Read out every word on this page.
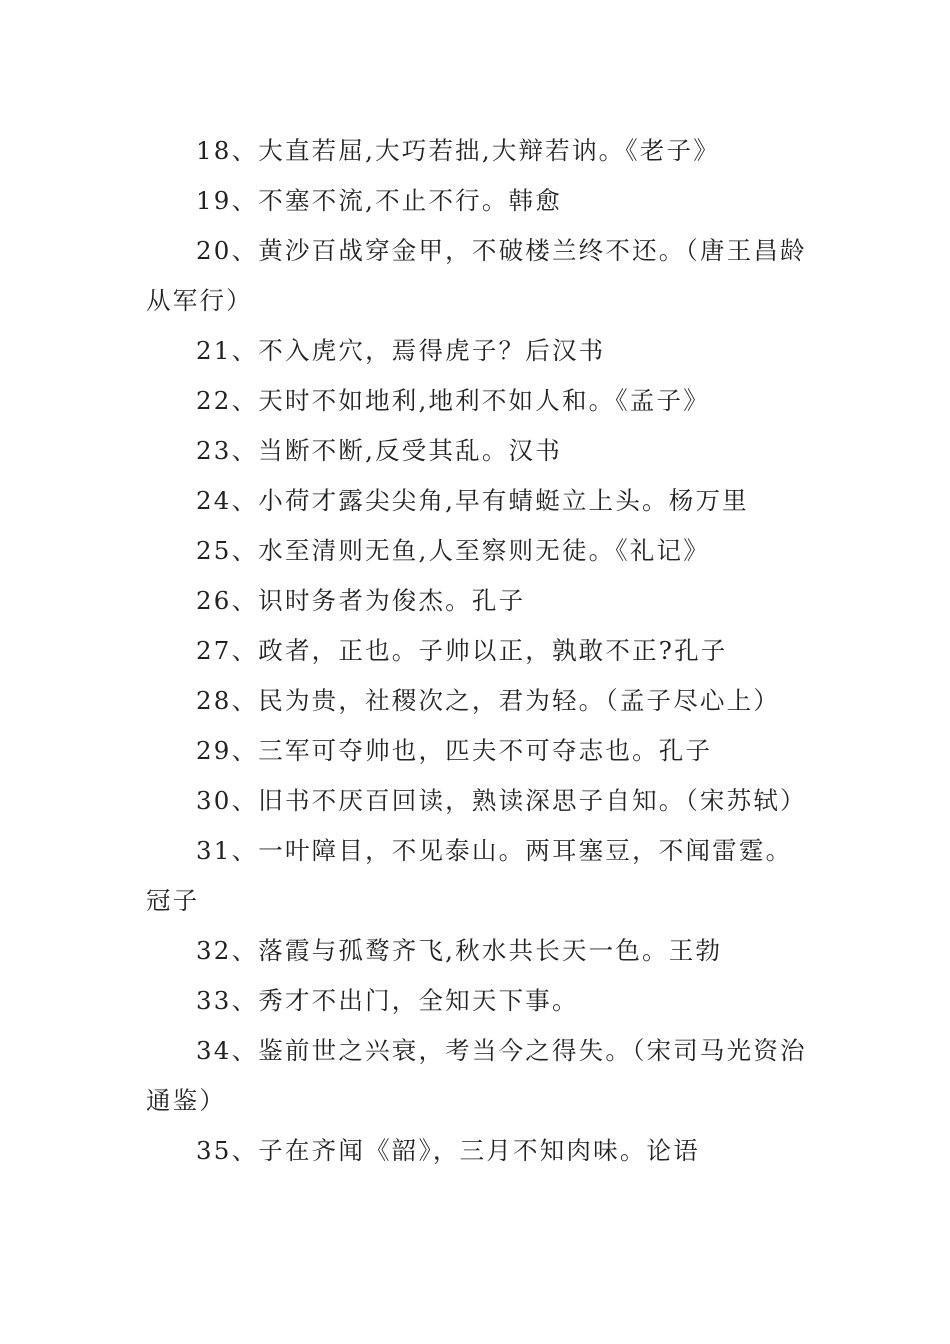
18、大直若屈,大巧若拙,大辩若讷。《老子》

19、不塞不流,不止不行。韩愈

20、黄沙百战穿金甲，不破楼兰终不还。（唐王昌龄从军行）

21、不入虎穴，焉得虎子？后汉书

22、天时不如地利,地利不如人和。《孟子》

23、当断不断,反受其乱。汉书

24、小荷才露尖尖角,早有蜻蜓立上头。杨万里

25、水至清则无鱼,人至察则无徒。《礼记》

26、识时务者为俊杰。孔子

27、政者，正也。子帅以正，孰敢不正?孔子

28、民为贵，社稷次之，君为轻。（孟子尽心上）

29、三军可夺帅也，匹夫不可夺志也。孔子

30、旧书不厌百回读，熟读深思子自知。（宋苏轼）

31、一叶障目，不见泰山。两耳塞豆，不闻雷霆。冠子

32、落霞与孤鹜齐飞,秋水共长天一色。王勃

33、秀才不出门，全知天下事。

34、鉴前世之兴衰，考当今之得失。（宋司马光资治通鉴）

35、子在齐闻《韶》，三月不知肉味。论语
